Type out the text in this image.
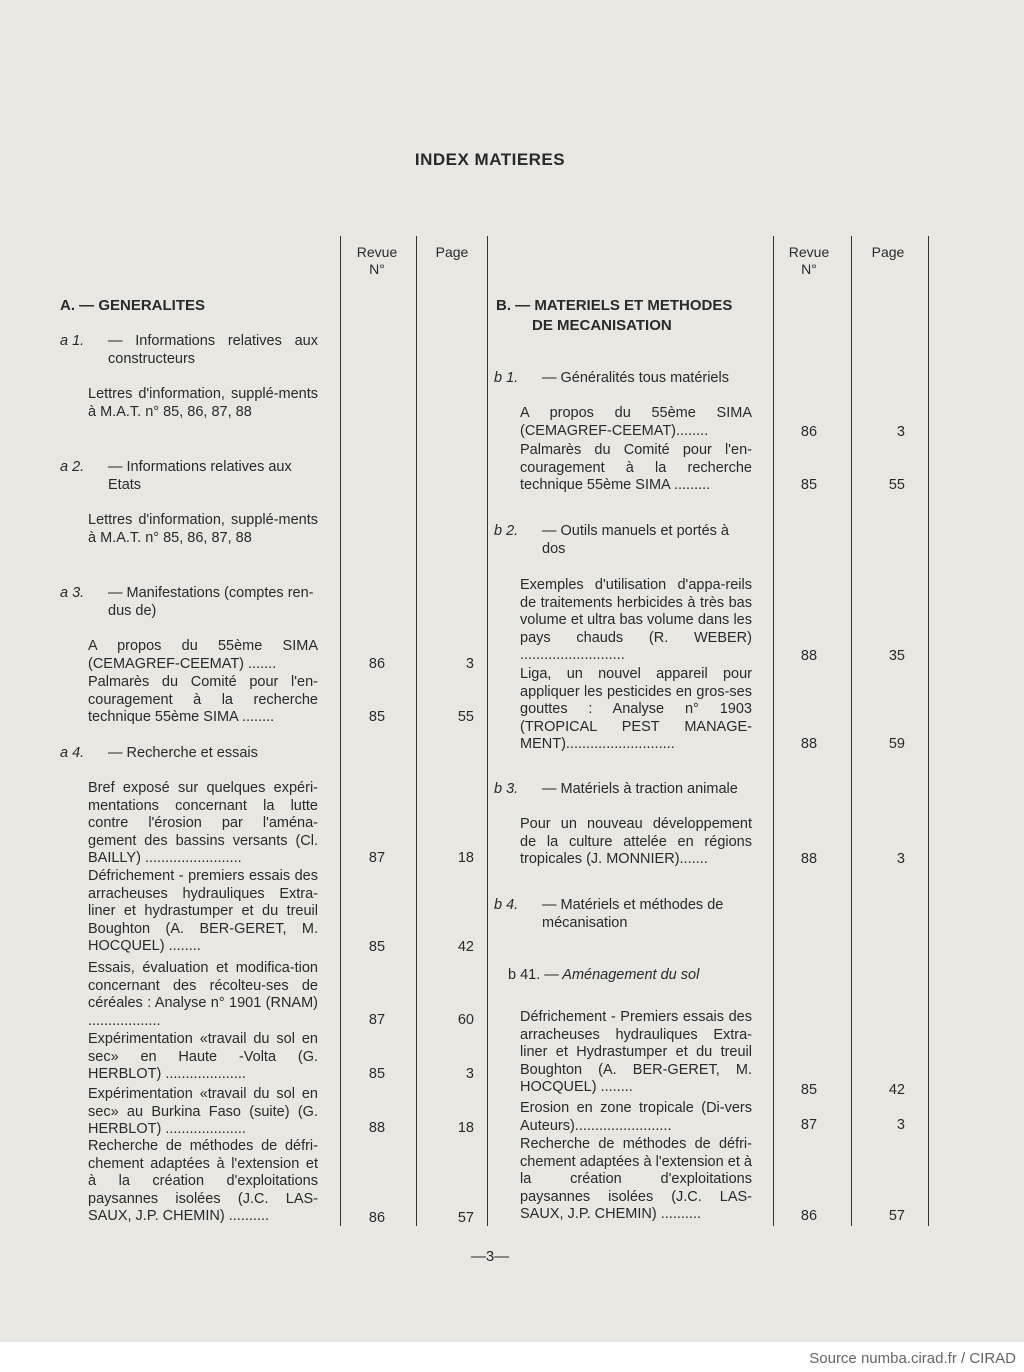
INDEX MATIERES
Revue
N°
Page	Revue
N°
Page
A. — GENERALITES
a 1.	— Informations relatives aux constructeurs
Lettres d'information, supplé-ments à M.A.T. n° 85, 86, 87, 88
a 2.	— Informations relatives aux Etats
Lettres d'information, supplé-ments à M.A.T. n° 85, 86, 87, 88
a 3.	— Manifestations (comptes ren-dus de)
A propos du 55ème SIMA (CEMAGREF-CEEMAT) .......	86	3
Palmarès du Comité pour l'en-couragement à la recherche technique 55ème SIMA ........	85	55
a 4.	— Recherche et essais
Bref exposé sur quelques expéri-mentations concernant la lutte contre l'érosion par l'aména-gement des bassins versants (Cl. BAILLY) ........................	87	18
Défrichement - premiers essais des arracheuses hydrauliques Extra-liner et hydrastumper et du treuil Boughton (A. BER-GERET, M. HOCQUEL) ........	85	42
Essais, évaluation et modifica-tion concernant des récolteu-ses de céréales : Analyse n° 1901 (RNAM) ..................	87	60
Expérimentation «travail du sol en sec» en Haute -Volta (G. HERBLOT) ....................	85	3
Expérimentation «travail du sol en sec» au Burkina Faso (suite) (G. HERBLOT) ....................	88	18
Recherche de méthodes de défri-chement adaptées à l'extension et à la création d'exploitations paysannes isolées (J.C. LAS-SAUX, J.P. CHEMIN) ..........	86	57
B. — MATERIELS ET METHODES
DE MECANISATION
b 1.	— Généralités tous matériels
A propos du 55ème SIMA (CEMAGREF-CEEMAT)........	86	3
Palmarès du Comité pour l'en-couragement à la recherche technique 55ème SIMA .........	85	55
b 2.	— Outils manuels et portés à dos
Exemples d'utilisation d'appa-reils de traitements herbicides à très bas volume et ultra bas volume dans les pays chauds (R. WEBER) ..........................	88	35
Liga, un nouvel appareil pour appliquer les pesticides en gros-ses gouttes : Analyse n° 1903 (TROPICAL PEST MANAGE-MENT)...........................	88	59
b 3.	— Matériels à traction animale
Pour un nouveau développement de la culture attelée en régions tropicales (J. MONNIER).......	88	3
b 4.	— Matériels et méthodes de mécanisation
b 41. — Aménagement du sol
Défrichement - Premiers essais des arracheuses hydrauliques Extra-liner et Hydrastumper et du treuil Boughton (A. BER-GERET, M. HOCQUEL) ........	85	42
Erosion en zone tropicale (Di-vers Auteurs)........................	87	3
Recherche de méthodes de défri-chement adaptées à l'extension et à la création d'exploitations paysannes isolées (J.C. LAS-SAUX, J.P. CHEMIN) ..........	86	57
—3—
Source numba.cirad.fr / CIRAD
